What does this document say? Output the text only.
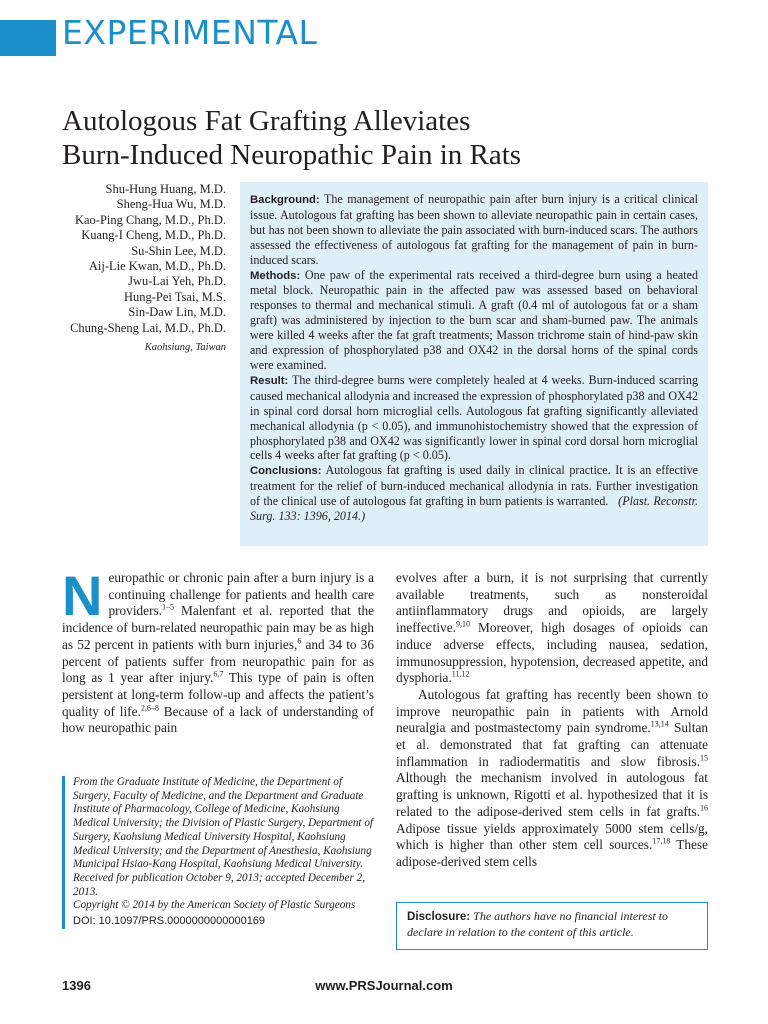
EXPERIMENTAL
Autologous Fat Grafting Alleviates
Burn-Induced Neuropathic Pain in Rats
Shu-Hung Huang, M.D.
Sheng-Hua Wu, M.D.
Kao-Ping Chang, M.D., Ph.D.
Kuang-I Cheng, M.D., Ph.D.
Su-Shin Lee, M.D.
Aij-Lie Kwan, M.D., Ph.D.
Jwu-Lai Yeh, Ph.D.
Hung-Pei Tsai, M.S.
Sin-Daw Lin, M.D.
Chung-Sheng Lai, M.D., Ph.D.
Kaohsiung, Taiwan

Background: The management of neuropathic pain after burn injury is a critical clinical issue. Autologous fat grafting has been shown to alleviate neuropathic pain in certain cases, but has not been shown to alleviate the pain associated with burn-induced scars. The authors assessed the effectiveness of autologous fat grafting for the management of pain in burn-induced scars.

Methods: One paw of the experimental rats received a third-degree burn using a heated metal block. Neuropathic pain in the affected paw was assessed based on behavioral responses to thermal and mechanical stimuli. A graft (0.4 ml of autologous fat or a sham graft) was administered by injection to the burn scar and sham-burned paw. The animals were killed 4 weeks after the fat graft treatments; Masson trichrome stain of hind-paw skin and expression of phosphorylated p38 and OX42 in the dorsal horns of the spinal cords were examined.

Result: The third-degree burns were completely healed at 4 weeks. Burn-induced scarring caused mechanical allodynia and increased the expression of phosphorylated p38 and OX42 in spinal cord dorsal horn microglial cells. Autologous fat grafting significantly alleviated mechanical allodynia (p < 0.05), and immunohistochemistry showed that the expression of phosphorylated p38 and OX42 was significantly lower in spinal cord dorsal horn microglial cells 4 weeks after fat grafting (p < 0.05).

Conclusions: Autologous fat grafting is used daily in clinical practice. It is an effective treatment for the relief of burn-induced mechanical allodynia in rats. Further investigation of the clinical use of autologous fat grafting in burn patients is warranted. (Plast. Reconstr. Surg. 133: 1396, 2014.)

Neuropathic or chronic pain after a burn injury is a continuing challenge for patients and health care providers.$^{1-5}$ Malenfant et al. reported that the incidence of burn-related neuropathic pain may be as high as 52 percent in patients with burn injuries,$^6$ and 34 to 36 percent of patients suffer from neuropathic pain for as long as 1 year after injury.$^{6,7}$ This type of pain is often persistent at long-term follow-up and affects the patient’s quality of life.$^{2,6-8}$ Because of a lack of understanding of how neuropathic pain

From the Graduate Institute of Medicine, the Department of Surgery, Faculty of Medicine, and the Department and Graduate Institute of Pharmacology, College of Medicine, Kaohsiung Medical University; the Division of Plastic Surgery, Department of Surgery, Kaohsiung Medical University Hospital, Kaohsiung Medical University; and the Department of Anesthesia, Kaohsiung Municipal Hsiao-Kang Hospital, Kaohsiung Medical University.

Received for publication October 9, 2013; accepted December 2, 2013.

Copyright © 2014 by the American Society of Plastic Surgeons

DOI: 10.1097/PRS.0000000000000169

evolves after a burn, it is not surprising that currently available treatments, such as nonsteroidal antiinflammatory drugs and opioids, are largely ineffective.$^{9,10}$ Moreover, high dosages of opioids can induce adverse effects, including nausea, sedation, immunosuppression, hypotension, decreased appetite, and dysphoria.$^{11,12}$

Autologous fat grafting has recently been shown to improve neuropathic pain in patients with Arnold neuralgia and postmastectomy pain syndrome.$^{13,14}$ Sultan et al. demonstrated that fat grafting can attenuate inflammation in radiodermatitis and slow fibrosis.$^{15}$ Although the mechanism involved in autologous fat grafting is unknown, Rigotti et al. hypothesized that it is related to the adipose-derived stem cells in fat grafts.$^{16}$ Adipose tissue yields approximately 5000 stem cells/g, which is higher than other stem cell sources.$^{17,18}$ These adipose-derived stem cells

Disclosure: The authors have no financial interest to declare in relation to the content of this article.
www.PRSJournal.com
1396
